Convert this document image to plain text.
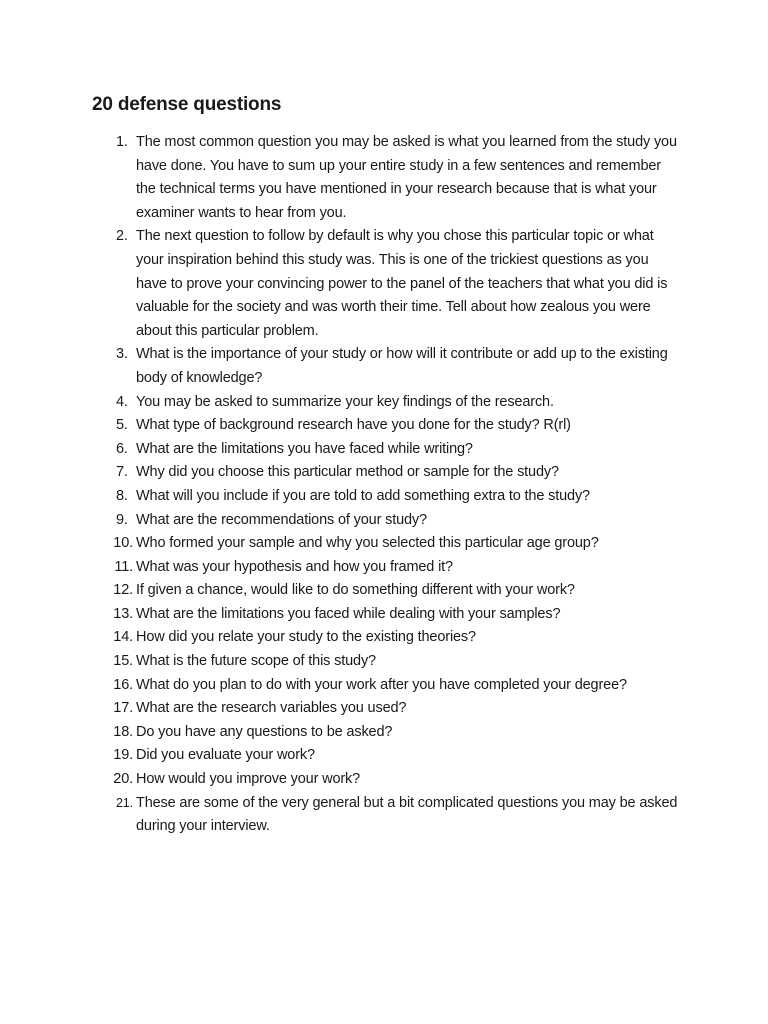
20 defense questions
1. The most common question you may be asked is what you learned from the study you have done. You have to sum up your entire study in a few sentences and remember the technical terms you have mentioned in your research because that is what your examiner wants to hear from you.
2. The next question to follow by default is why you chose this particular topic or what your inspiration behind this study was. This is one of the trickiest questions as you have to prove your convincing power to the panel of the teachers that what you did is valuable for the society and was worth their time. Tell about how zealous you were about this particular problem.
3. What is the importance of your study or how will it contribute or add up to the existing body of knowledge?
4. You may be asked to summarize your key findings of the research.
5. What type of background research have you done for the study? R(rl)
6. What are the limitations you have faced while writing?
7. Why did you choose this particular method or sample for the study?
8. What will you include if you are told to add something extra to the study?
9. What are the recommendations of your study?
10. Who formed your sample and why you selected this particular age group?
11. What was your hypothesis and how you framed it?
12. If given a chance, would like to do something different with your work?
13. What are the limitations you faced while dealing with your samples?
14. How did you relate your study to the existing theories?
15. What is the future scope of this study?
16. What do you plan to do with your work after you have completed your degree?
17. What are the research variables you used?
18. Do you have any questions to be asked?
19. Did you evaluate your work?
20. How would you improve your work?
21. These are some of the very general but a bit complicated questions you may be asked during your interview.
